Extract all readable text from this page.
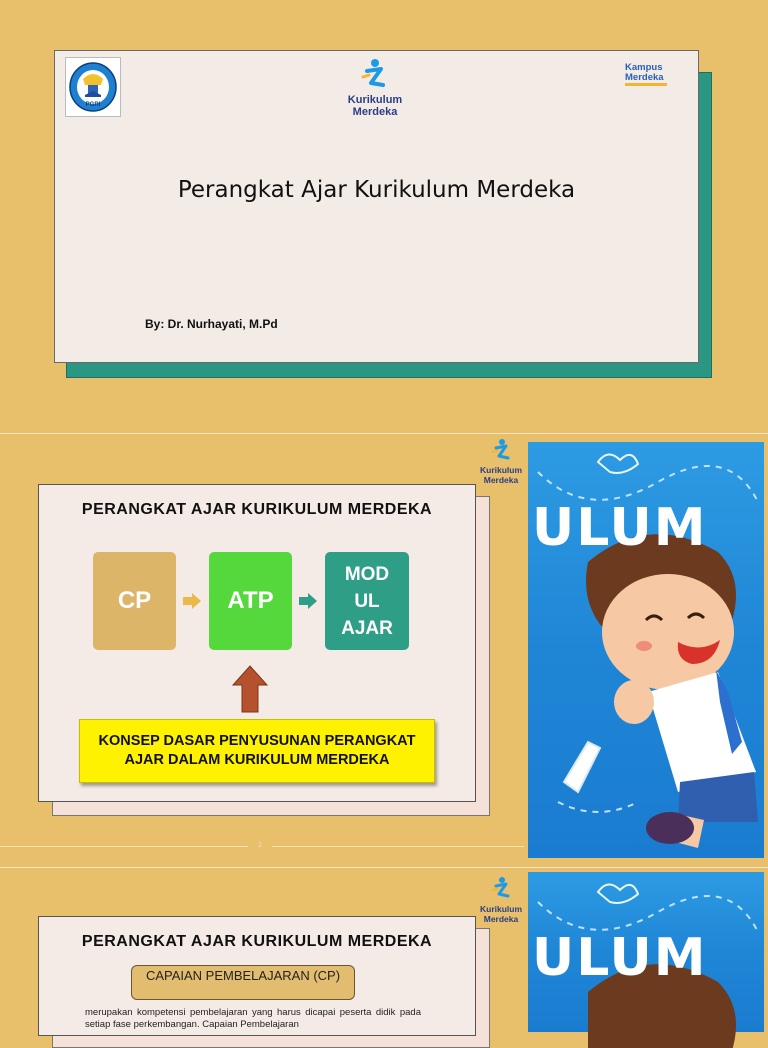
PGRI	Kurikulum
Merdeka
Kampus
Merdeka
Perangkat Ajar Kurikulum Merdeka
By: Dr. Nurhayati, M.Pd
Kurikulum
Merdeka
PERANGKAT AJAR KURIKULUM MERDEKA
CP	ATP
MOD UL AJAR
KONSEP DASAR PENYUSUNAN PERANGKAT AJAR DALAM KURIKULUM MERDEKA
2
ULUM
Kurikulum
Merdeka
PERANGKAT AJAR KURIKULUM MERDEKA
CAPAIAN PEMBELAJARAN (CP)
merupakan kompetensi pembelajaran yang harus dicapai peserta didik pada setiap fase perkembangan. Capaian Pembelajaran
ULUM
